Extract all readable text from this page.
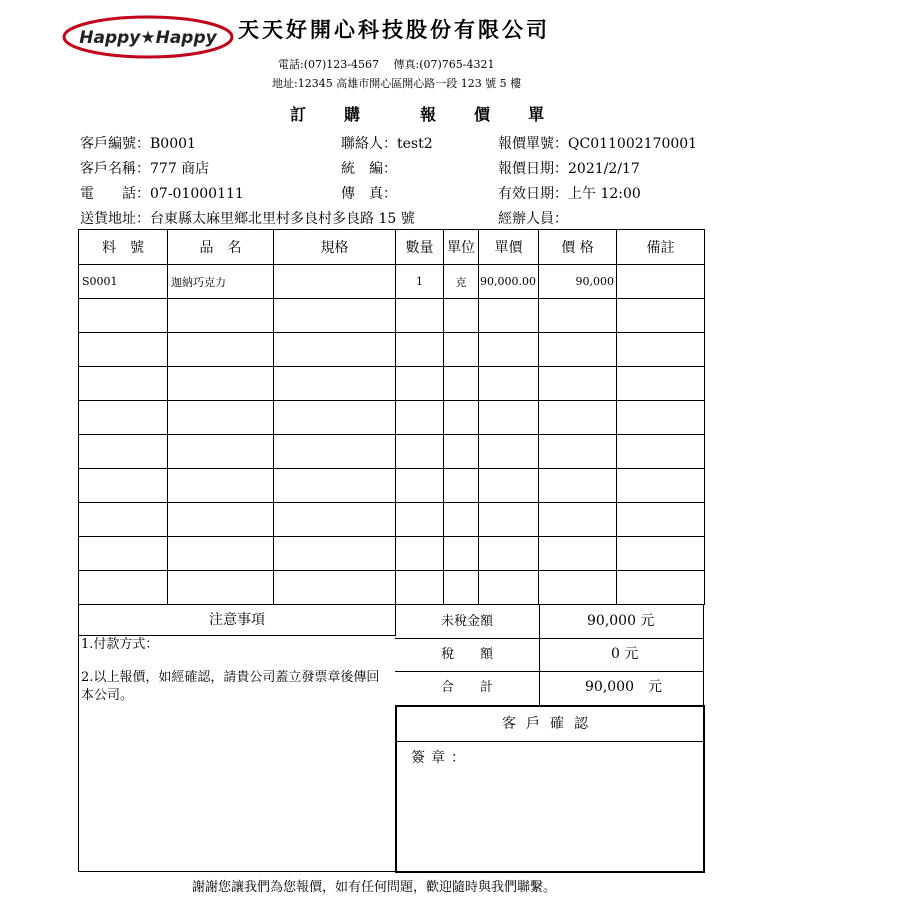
Happy★Happy 天天好開心科技股份有限公司
電話:(07)123-4567　 傳真:(07)765-4321
地址:12345 高雄市開心區開心路一段 123 號 5 樓
訂 購	報 價 單
客戶編號：B0001	聯絡人：test2	報價單號：QC011002170001
客戶名稱：777 商店	統　編：	報價日期：2021/2/17
電　　話：07-01000111	傳　真：	有效日期：上午 12:00
送貨地址：台東縣太麻里鄉北里村多良村多良路 15 號	經辦人員：
料　號	品　名	規格	數量	單位	單價	價 格	備註
S0001	迦納巧克力		1	克	90,000.00	90,000	

注意事項
1.付款方式：
2.以上報價，如經確認，請貴公司蓋立發票章後傳回本公司。
未稅金額	90,000 元
稅　　額	0 元
合　　計	90,000　元
客戶確認
簽章：
謝謝您讓我們為您報價，如有任何問題，歡迎隨時與我們聯繫。
